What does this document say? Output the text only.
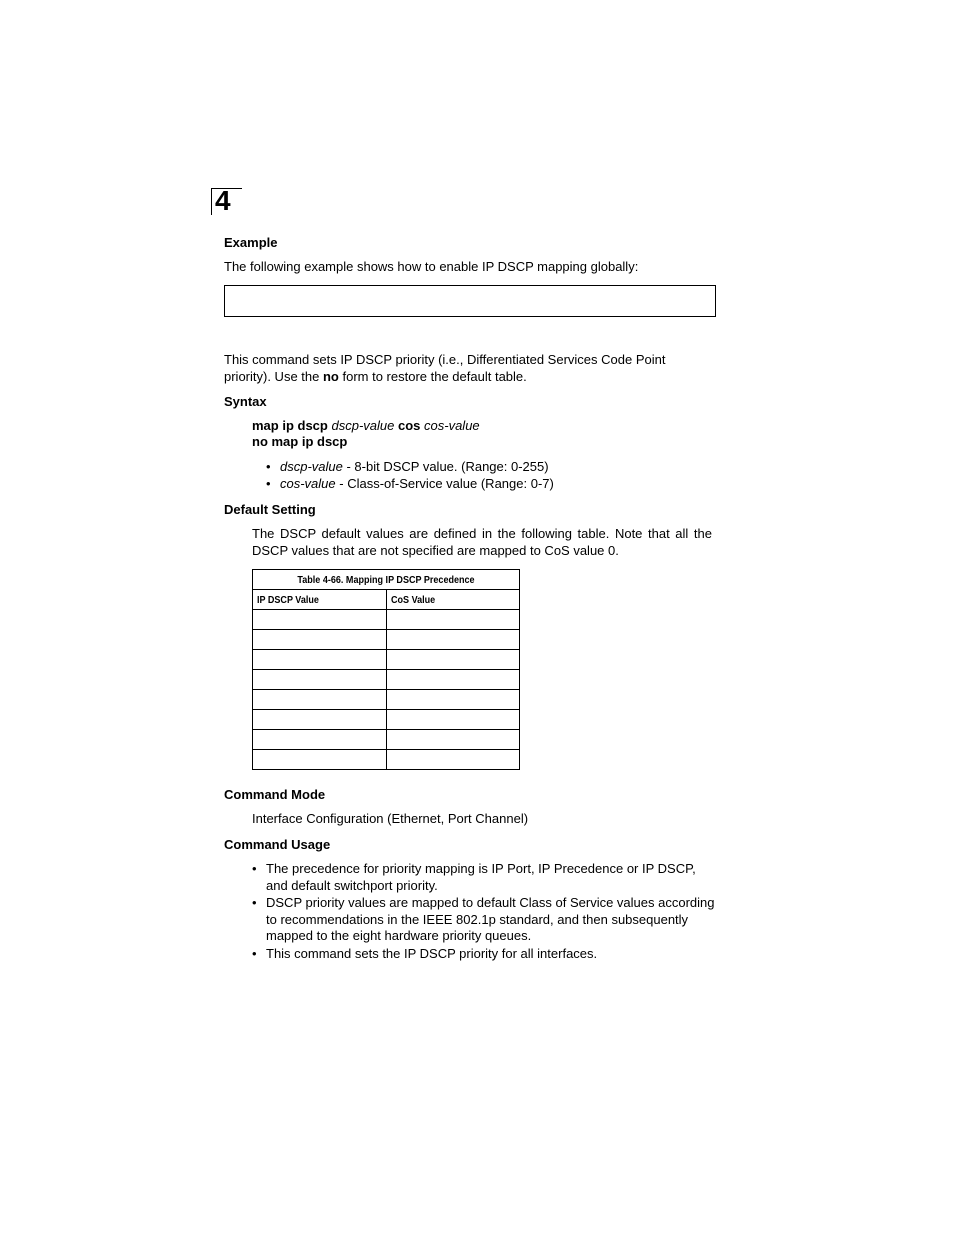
4
Example
The following example shows how to enable IP DSCP mapping globally:
This command sets IP DSCP priority (i.e., Differentiated Services Code Point
priority). Use the no form to restore the default table.
Syntax
map ip dscp dscp-value cos cos-value
no map ip dscp
• dscp-value - 8-bit DSCP value. (Range: 0-255)
• cos-value - Class-of-Service value (Range: 0-7)
Default Setting
The DSCP default values are defined in the following table. Note that all the
DSCP values that are not specified are mapped to CoS value 0.
Table 4-66. Mapping IP DSCP Precedence	
IP DSCP Value	CoS Value

Command Mode
Interface Configuration (Ethernet, Port Channel)
Command Usage
• The precedence for priority mapping is IP Port, IP Precedence or IP DSCP,
and default switchport priority.
• DSCP priority values are mapped to default Class of Service values according
to recommendations in the IEEE 802.1p standard, and then subsequently
mapped to the eight hardware priority queues.
• This command sets the IP DSCP priority for all interfaces.
